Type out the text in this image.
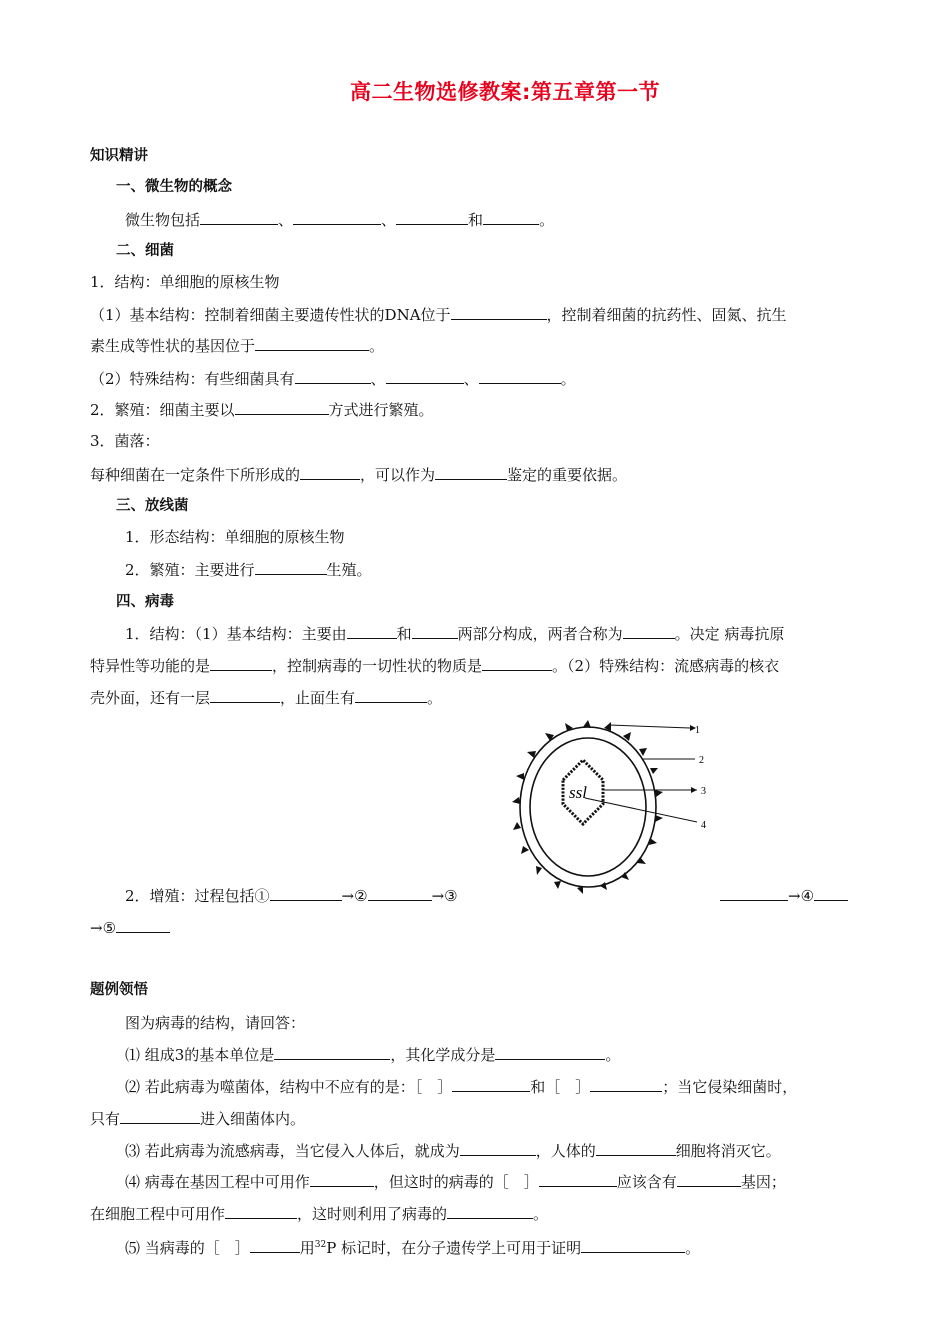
高二生物选修教案:第五章第一节
知识精讲
一、微生物的概念
微生物包括	、	、	和	。
二、细菌
1．结构：单细胞的原核生物
（1）基本结构：控制着细菌主要遗传性状的DNA位于	，控制着细菌的抗药性、固氮、抗生
素生成等性状的基因位于	。
（2）特殊结构：有些细菌具有	、	、	。
2．繁殖：细菌主要以	方式进行繁殖。
3．菌落：
每种细菌在一定条件下所形成的	，可以作为	鉴定的重要依据。
三、放线菌
1．形态结构：单细胞的原核生物
2．繁殖：主要进行	生殖。
四、病毒
1．结构：（1）基本结构：主要由	和	两部分构成，两者合称为	。决定 病毒抗原
特异性等功能的是	，控制病毒的一切性状的物质是	。（2）特殊结构：流感病毒的核衣
壳外面，还有一层	，止面生有	。
ssl
1
2
3
4
2．增殖：过程包括①	→②	→③	→④
→⑤
题例领悟
图为病毒的结构，请回答：
⑴ 组成3的基本单位是	，其化学成分是	。
⑵ 若此病毒为噬菌体，结构中不应有的是：［　］	和［　］	；当它侵染细菌时，
只有	进入细菌体内。
⑶ 若此病毒为流感病毒，当它侵入人体后，就成为	，人体的	细胞将消灭它。
⑷ 病毒在基因工程中可用作	，但这时的病毒的［　］	应该含有	基因；
在细胞工程中可用作	，这时则利用了病毒的	。
⑸ 当病毒的［　］	用$^{32}$P 标记时，在分子遗传学上可用于证明	。
